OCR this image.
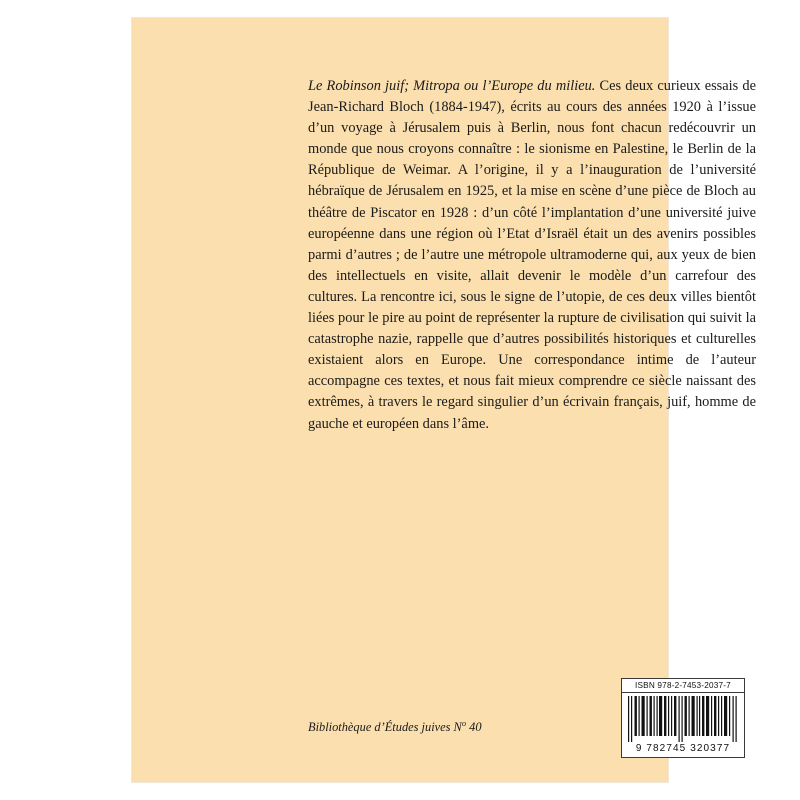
Le Robinson juif; Mitropa ou l’Europe du milieu. Ces deux curieux essais de Jean-Richard Bloch (1884-1947), écrits au cours des années 1920 à l’issue d’un voyage à Jérusalem puis à Berlin, nous font chacun redécouvrir un monde que nous croyons connaître : le sionisme en Palestine, le Berlin de la République de Weimar. A l’origine, il y a l’inauguration de l’université hébraïque de Jérusalem en 1925, et la mise en scène d’une pièce de Bloch au théâtre de Piscator en 1928 : d’un côté l’implantation d’une université juive européenne dans une région où l’Etat d’Israël était un des avenirs possibles parmi d’autres ; de l’autre une métropole ultramoderne qui, aux yeux de bien des intellectuels en visite, allait devenir le modèle d’un carrefour des cultures. La rencontre ici, sous le signe de l’utopie, de ces deux villes bientôt liées pour le pire au point de représenter la rupture de civilisation qui suivit la catastrophe nazie, rappelle que d’autres possibilités historiques et culturelles existaient alors en Europe. Une correspondance intime de l’auteur accompagne ces textes, et nous fait mieux comprendre ce siècle naissant des extrêmes, à travers le regard singulier d’un écrivain français, juif, homme de gauche et européen dans l’âme.
Bibliothèque d’Études juives $N^o$ 40
ISBN 978-2-7453-2037-7
9 782745 320377
